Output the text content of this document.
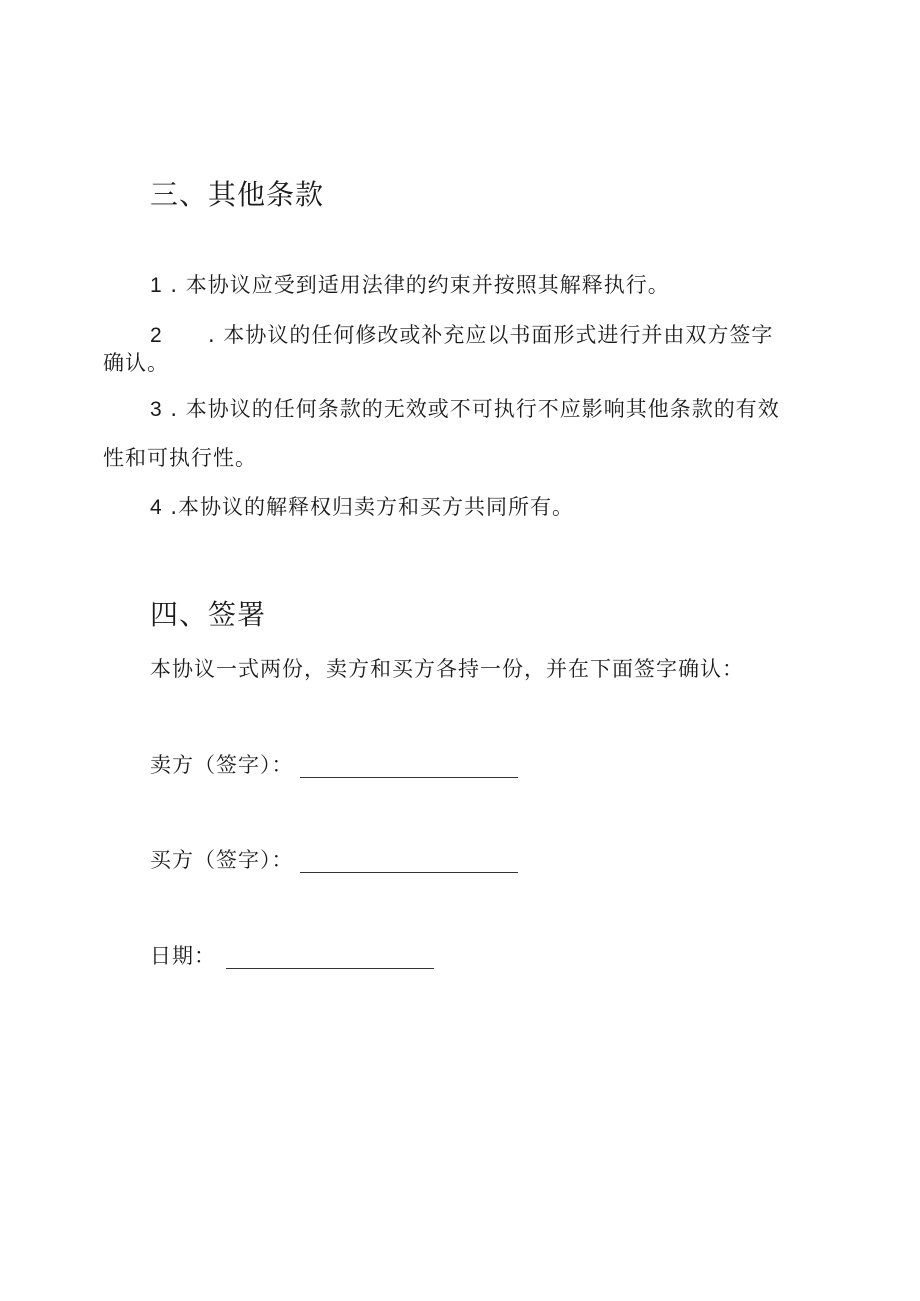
三、其他条款

1 . 本协议应受到适用法律的约束并按照其解释执行。

2 . 本协议的任何修改或补充应以书面形式进行并由双方签字

确认。

3 . 本协议的任何条款的无效或不可执行不应影响其他条款的有效

性和可执行性。

4 .本协议的解释权归卖方和买方共同所有。

四、签署

本协议一式两份，卖方和买方各持一份，并在下面签字确认：

卖方（签字）：
买方（签字）：
日期：
